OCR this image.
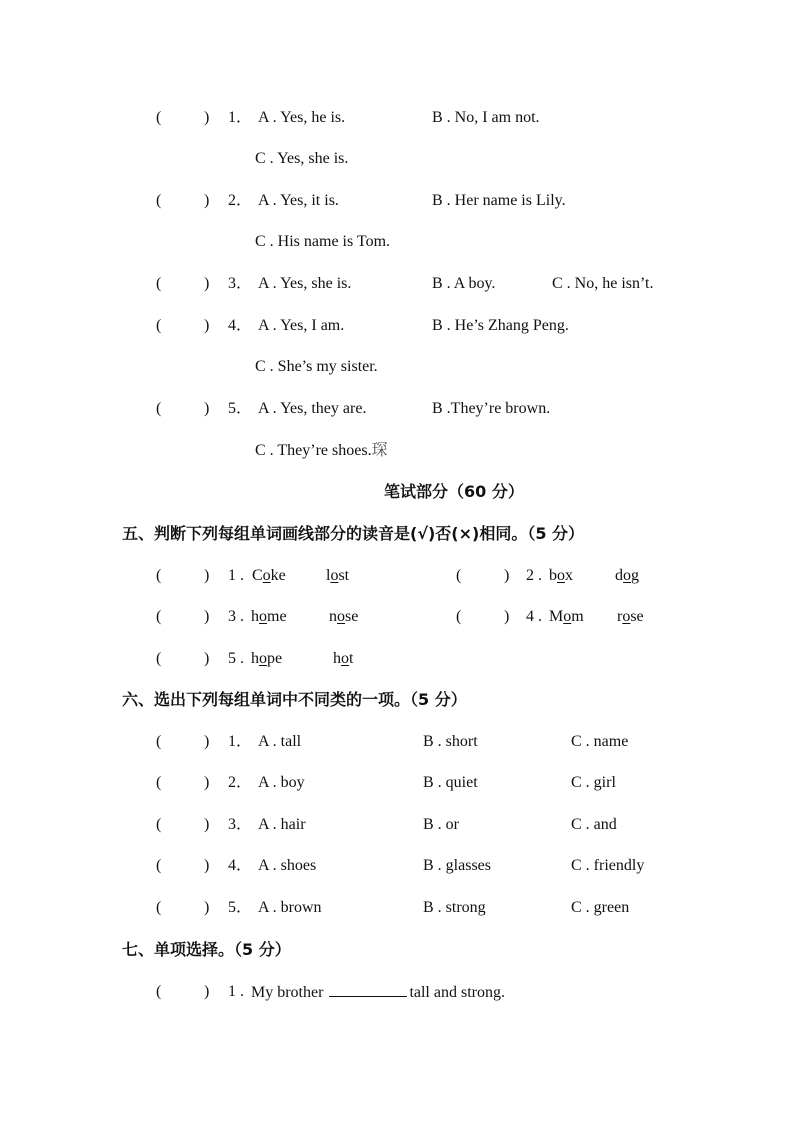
(	) 1． A . Yes, he is.	B . No, I am not.
C . Yes, she is.
(	) 2． A . Yes, it is.	B . Her name is Lily.
C . His name is Tom.
(	) 3． A . Yes, she is.	B . A boy.	C . No, he isn’t.
(	) 4． A . Yes, I am.	B . He’s Zhang Peng.
C . She’s my sister.
(	) 5． A . Yes, they are.	B .They’re brown.
C . They’re shoes.琛
笔试部分（60 分）
五、判断下列每组单词画线部分的读音是(√)否(×)相同。（5 分）
(	) 1 . Coke	lost	(	) 2 . box	dog
(	) 3 . home	nose	(	) 4 . Mom rose
(	) 5 . hope	hot
六、选出下列每组单词中不同类的一项。（5 分）
(	) 1． A . tall	B . short	C . name
(	) 2． A . boy	B . quiet	C . girl
(	) 3． A . hair	B . or	C . and
(	) 4． A . shoes	B . glasses	C . friendly
(	) 5． A . brown	B . strong	C . green
七、单项选择。（5 分）
(	) 1 . My brother	tall and strong.
